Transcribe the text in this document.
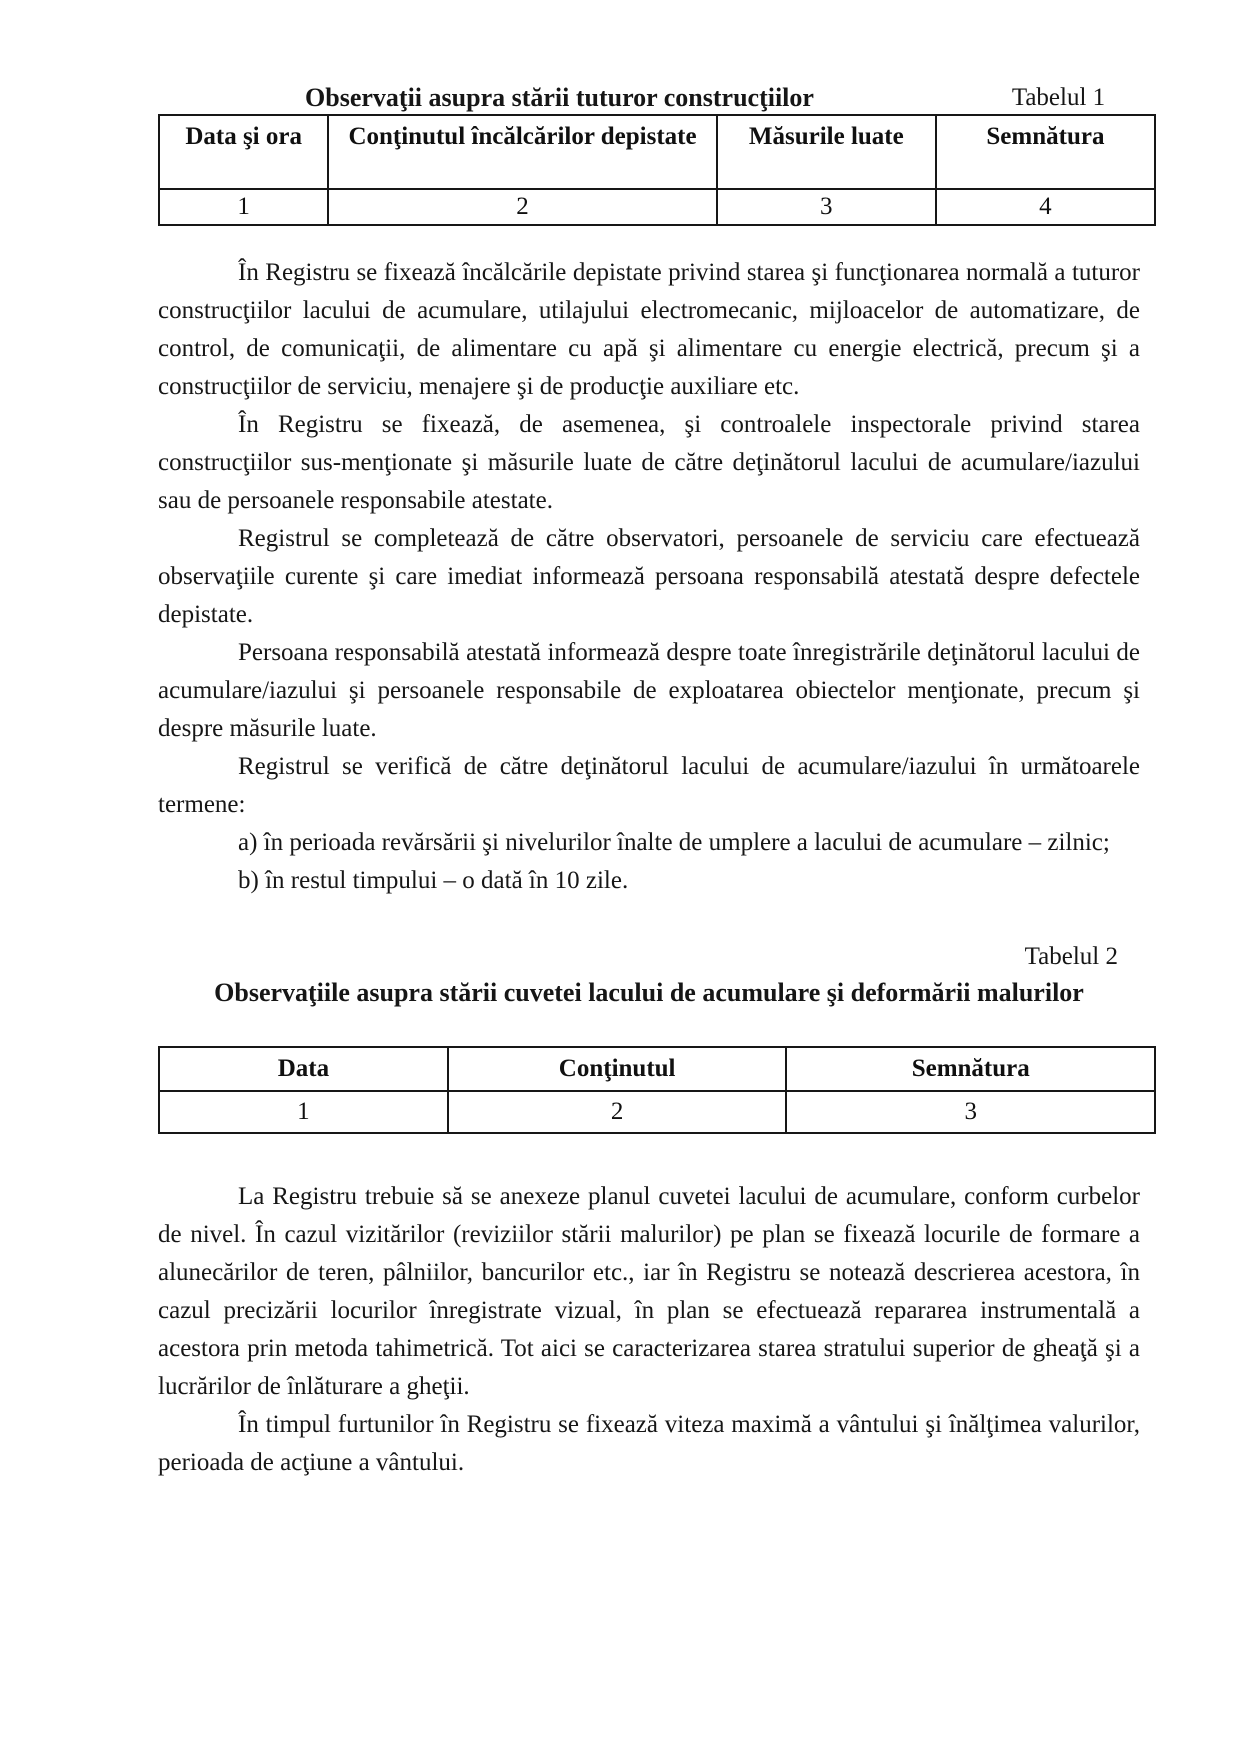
Observaţii asupra stării tuturor construcţiilor	Tabelul 1
Data şi ora	Conţinutul încălcărilor depistate	Măsurile luate	Semnătura
1	2	3	4

În Registru se fixează încălcările depistate privind starea şi funcţionarea normală a tuturor construcţiilor lacului de acumulare, utilajului electromecanic, mijloacelor de automatizare, de control, de comunicaţii, de alimentare cu apă şi alimentare cu energie electrică, precum şi a construcţiilor de serviciu, menajere şi de producţie auxiliare etc.

În Registru se fixează, de asemenea, şi controalele inspectorale privind starea construcţiilor sus-menţionate şi măsurile luate de către deţinătorul lacului de acumulare/iazului sau de persoanele responsabile atestate.

Registrul se completează de către observatori, persoanele de serviciu care efectuează observaţiile curente şi care imediat informează persoana responsabilă atestată despre defectele depistate.

Persoana responsabilă atestată informează despre toate înregistrările deţinătorul lacului de acumulare/iazului şi persoanele responsabile de exploatarea obiectelor menţionate, precum şi despre măsurile luate.

Registrul se verifică de către deţinătorul lacului de acumulare/iazului în următoarele termene:

a) în perioada revărsării şi nivelurilor înalte de umplere a lacului de acumulare – zilnic;

b) în restul timpului – o dată în 10 zile.

Tabelul 2
Observaţiile asupra stării cuvetei lacului de acumulare şi deformării malurilor
Data	Conţinutul	Semnătura
1	2	3

La Registru trebuie să se anexeze planul cuvetei lacului de acumulare, conform curbelor de nivel. În cazul vizitărilor (reviziilor stării malurilor) pe plan se fixează locurile de formare a alunecărilor de teren, pâlniilor, bancurilor etc., iar în Registru se notează descrierea acestora, în cazul precizării locurilor înregistrate vizual, în plan se efectuează repararea instrumentală a acestora prin metoda tahimetrică. Tot aici se caracterizarea starea stratului superior de gheaţă şi a lucrărilor de înlăturare a gheţii.

În timpul furtunilor în Registru se fixează viteza maximă a vântului şi înălţimea valurilor, perioada de acţiune a vântului.
